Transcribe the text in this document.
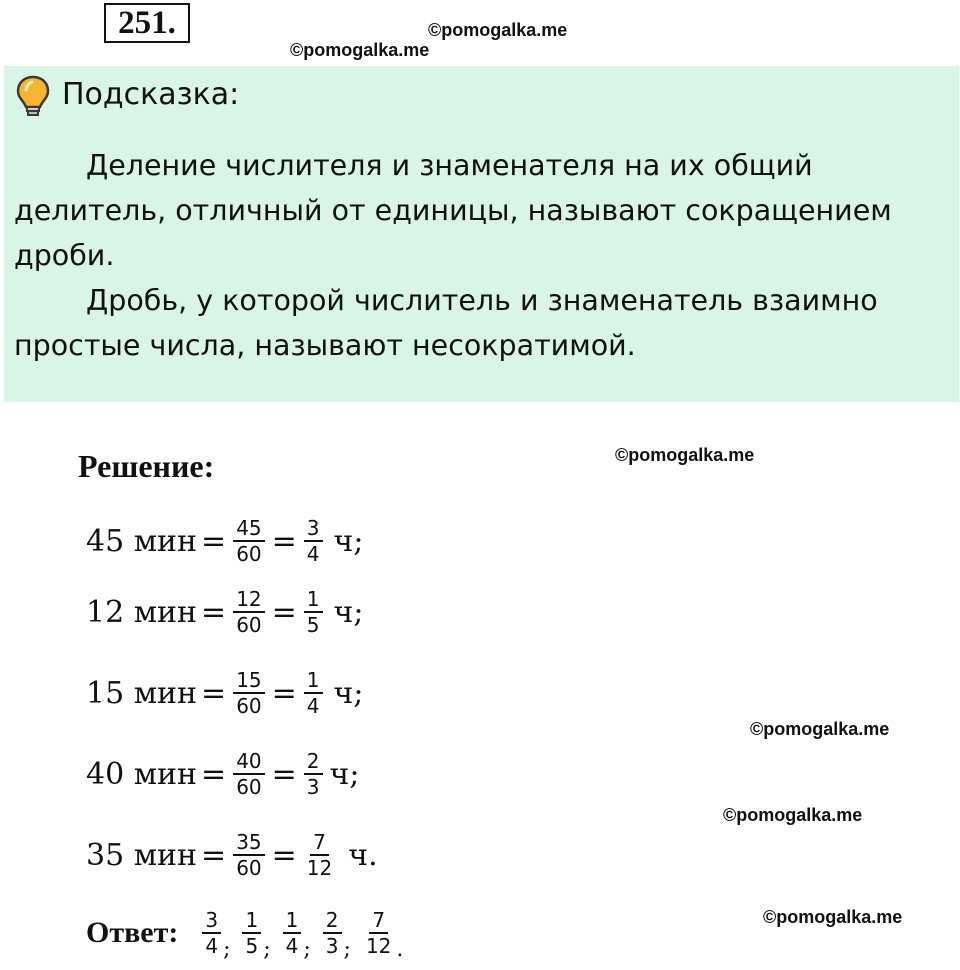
251.	©pomogalka.me
©pomogalka.me
Подсказка:

Деление числителя и знаменателя на их общий делитель, отличный от единицы, называют сокращением дроби.

Дробь, у которой числитель и знаменатель взаимно простые числа, называют несократимой.

Решение:	©pomogalka.me
©pomogalka.me
©pomogalka.me
©pomogalka.me
45 мин = $\frac{45}{60} = \frac{3}{4} ч$;
12 мин = $\frac{12}{60} = \frac{1}{5} ч$;
15 мин = $\frac{15}{60} = \frac{1}{4} ч$;
40 мин = $\frac{40}{60} = \frac{2}{3} ч$;
35 мин = $\frac{35}{60} = \frac{7}{12} ч$.
Ответ: $\frac{3}{4}$ ; $\frac{1}{5}$ ; $\frac{1}{4}$ ; $\frac{2}{3}$ ; $\frac{7}{12}$ .
